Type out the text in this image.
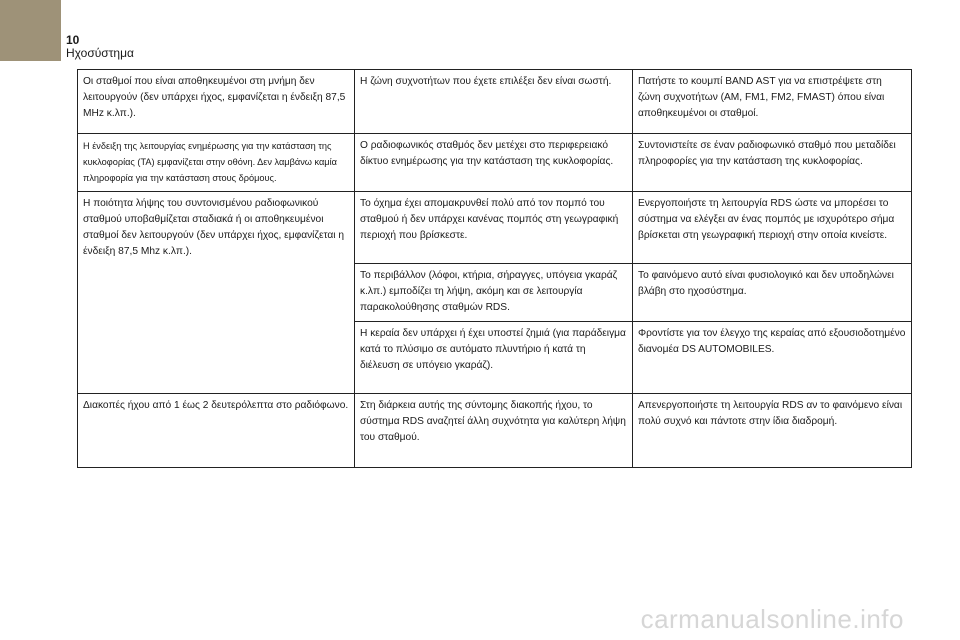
10
Ηχοσύστημα
Οι σταθμοί που είναι αποθηκευμένοι στη μνήμη δεν λειτουργούν (δεν υπάρχει ήχος, εμφανίζεται η ένδειξη 87,5 MHz κ.λπ.).	Η ζώνη συχνοτήτων που έχετε επιλέξει δεν είναι σωστή.	Πατήστε το κουμπί BAND AST για να επιστρέψετε στη ζώνη συχνοτήτων (AM, FM1, FM2, FMAST) όπου είναι αποθηκευμένοι οι σταθμοί.
Η ένδειξη της λειτουργίας ενημέρωσης για την κατάσταση της κυκλοφορίας (TA) εμφανίζεται στην οθόνη. Δεν λαμβάνω καμία πληροφορία για την κατάσταση στους δρόμους.	Ο ραδιοφωνικός σταθμός δεν μετέχει στο περιφερειακό δίκτυο ενημέρωσης για την κατάσταση της κυκλοφορίας.	Συντονιστείτε σε έναν ραδιοφωνικό σταθμό που μεταδίδει πληροφορίες για την κατάσταση της κυκλοφορίας.
Η ποιότητα λήψης του συντονισμένου ραδιοφωνικού σταθμού υποβαθμίζεται σταδιακά ή οι αποθηκευμένοι σταθμοί δεν λειτουργούν (δεν υπάρχει ήχος, εμφανίζεται η ένδειξη 87,5 Mhz κ.λπ.).	Το όχημα έχει απομακρυνθεί πολύ από τον πομπό του σταθμού ή δεν υπάρχει κανένας πομπός στη γεωγραφική περιοχή που βρίσκεστε.	Ενεργοποιήστε τη λειτουργία RDS ώστε να μπορέσει το σύστημα να ελέγξει αν ένας πομπός με ισχυρότερο σήμα βρίσκεται στη γεωγραφική περιοχή στην οποία κινείστε.
	Το περιβάλλον (λόφοι, κτήρια, σήραγγες, υπόγεια γκαράζ κ.λπ.) εμποδίζει τη λήψη, ακόμη και σε λειτουργία παρακολούθησης σταθμών RDS.	Το φαινόμενο αυτό είναι φυσιολογικό και δεν υποδηλώνει βλάβη στο ηχοσύστημα.
	Η κεραία δεν υπάρχει ή έχει υποστεί ζημιά (για παράδειγμα κατά το πλύσιμο σε αυτόματο πλυντήριο ή κατά τη διέλευση σε υπόγειο γκαράζ).	Φροντίστε για τον έλεγχο της κεραίας από εξουσιοδοτημένο διανομέα DS AUTOMOBILES.
Διακοπές ήχου από 1 έως 2 δευτερόλεπτα στο ραδιόφωνο.	Στη διάρκεια αυτής της σύντομης διακοπής ήχου, το σύστημα RDS αναζητεί άλλη συχνότητα για καλύτερη λήψη του σταθμού.	Απενεργοποιήστε τη λειτουργία RDS αν το φαινόμενο είναι πολύ συχνό και πάντοτε στην ίδια διαδρομή.
carmanualsonline.info
